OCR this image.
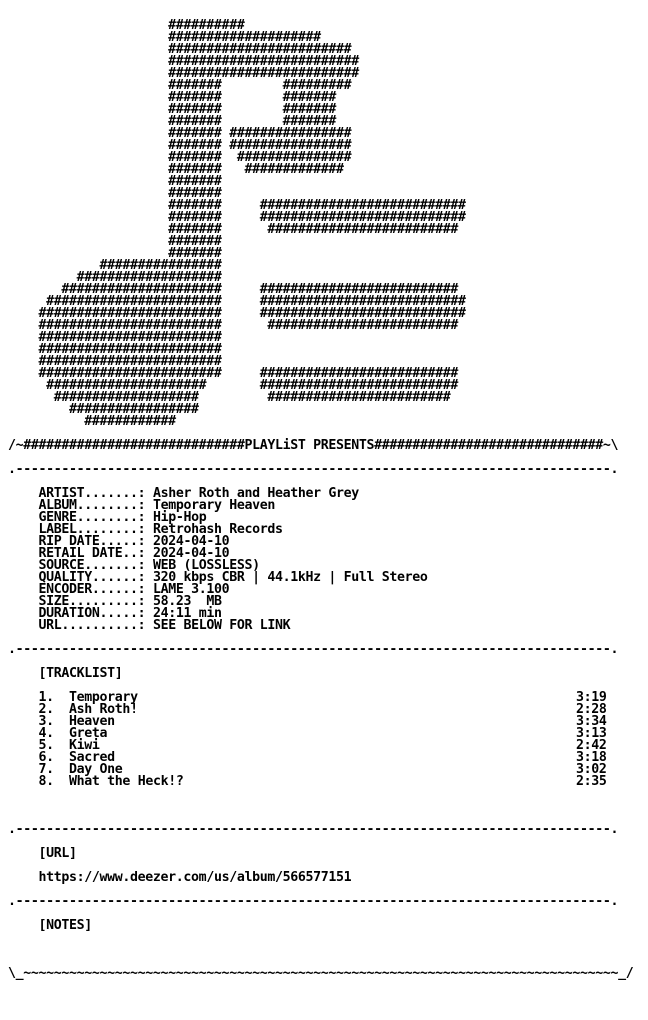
##########
####################
########################
#########################
#########################
#######        #########
#######        #######
#######        #######
#######        #######
####### ################
####### ################
#######  ###############
#######   #############
#######
#######
#######     ###########################
#######     ###########################
#######      #########################
#######
#######
################
###################
#####################     ##########################
#######################     ###########################
########################     ###########################
########################      #########################
########################
########################
########################
########################     ##########################
#####################       ##########################
###################         ########################
#################
############
/~#############################PLAYLiST PRESENTS##############################~\
.------------------------------------------------------------------------------.
ARTIST.......: Asher Roth and Heather Grey
ALBUM........: Temporary Heaven
GENRE........: Hip-Hop
LABEL........: Retrohash Records
RIP DATE.....: 2024-04-10
RETAIL DATE..: 2024-04-10
SOURCE.......: WEB (LOSSLESS)
QUALITY......: 320 kbps CBR | 44.1kHz | Full Stereo
ENCODER......: LAME 3.100
SIZE.........: 58.23  MB
DURATION.....: 24:11 min
URL..........: SEE BELOW FOR LINK
.------------------------------------------------------------------------------.
[TRACKLIST]
1. Temporary	3:19
2. Ash Roth!	2:28
3. Heaven	3:34
4. Greta	3:13
5. Kiwi	2:42
6. Sacred	3:18
7. Day One	3:02
8. What the Heck!?	2:35
.------------------------------------------------------------------------------.
[URL]
https://www.deezer.com/us/album/566577151
.------------------------------------------------------------------------------.
[NOTES]
\_~~~~~~~~~~~~~~~~~~~~~~~~~~~~~~~~~~~~~~~~~~~~~~~~~~~~~~~~~~~~~~~~~~~~~~~~~~~~~~_/
